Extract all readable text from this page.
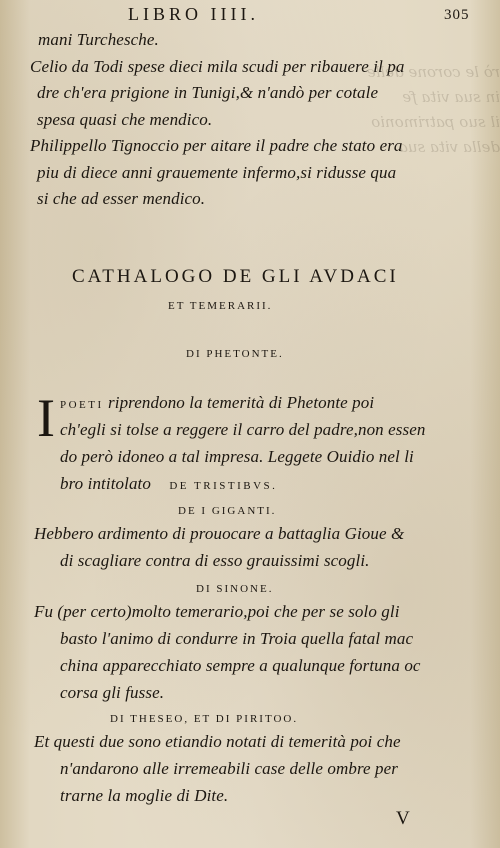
rò le corone delle
in sua vita fe
il suo patrimonio
della vita sua
LIBRO IIII.	305
mani Turchesche.
Celio da Todi spese dieci mila scudi per ribauere il pa
dre ch'era prigione in Tunigi,& n'andò per cotale
spesa quasi che mendico.
Philippello Tignoccio per aitare il padre che stato era
piu di diece anni grauemente infermo,si ridusse qua
si che ad esser mendico.
CATHALOGO DE GLI AVDACI
ET TEMERARII.
DI PHETONTE.
I POETI riprendono la temerità di Phetonte poi
ch'egli si tolse a reggere il carro del padre,non essen
do però idoneo a tal impresa. Leggete Ouidio nel li
bro intitolato DE TRISTIBVS.
DE I GIGANTI.
Hebbero ardimento di prouocare a battaglia Gioue &
di scagliare contra di esso grauissimi scogli.
DI SINONE.
Fu (per certo)molto temerario,poi che per se solo gli
basto l'animo di condurre in Troia quella fatal mac
china apparecchiato sempre a qualunque fortuna oc
corsa gli fusse.
DI THESEO, ET DI PIRITOO.
Et questi due sono etiandio notati di temerità poi che
n'andarono alle irremeabili case delle ombre per
trarne la moglie di Dite.
V
